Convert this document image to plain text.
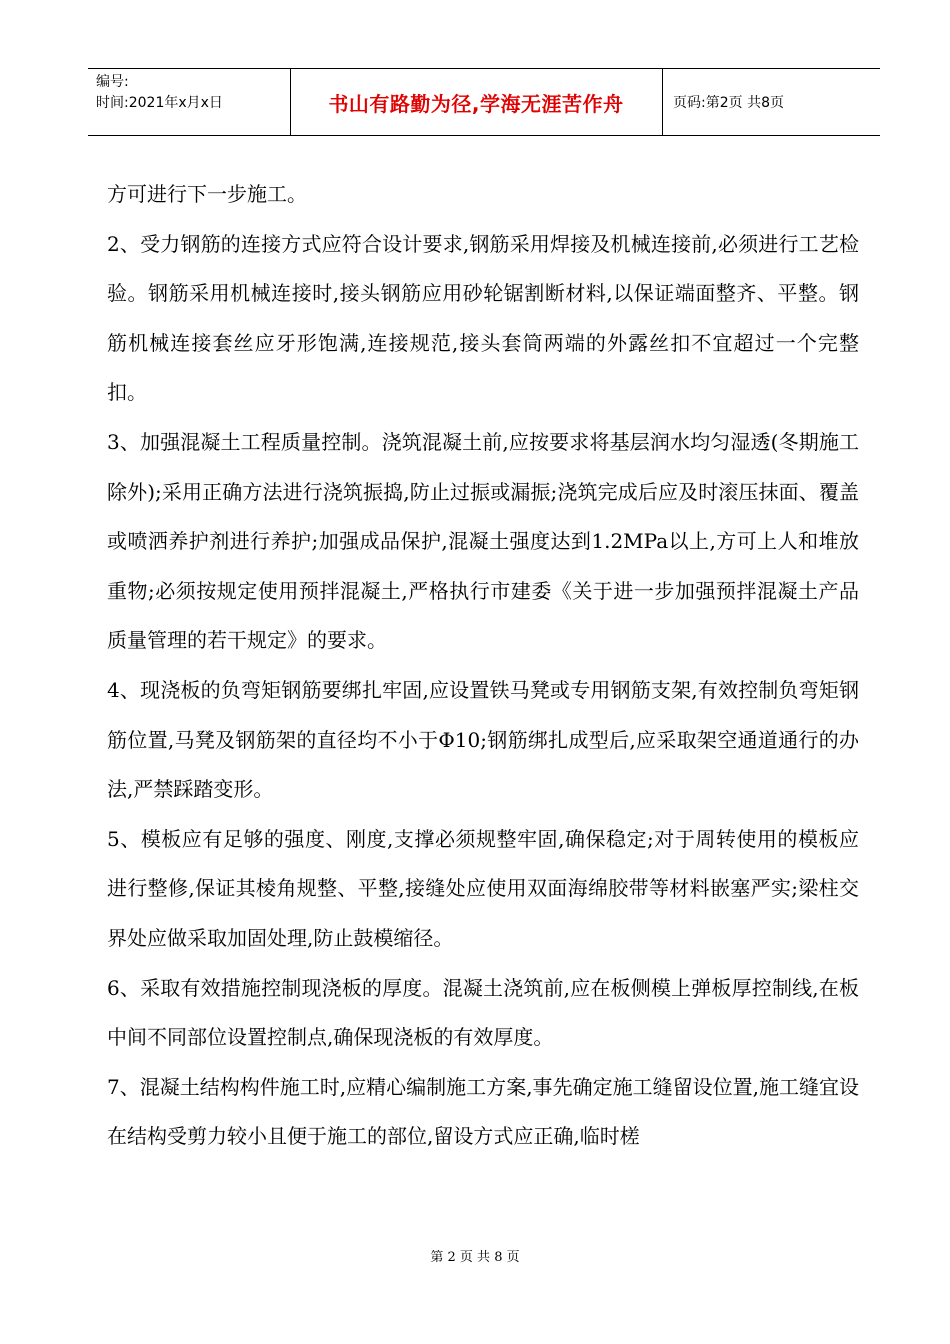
编号:
时间:2021年x月x日	书山有路勤为径,学海无涯苦作舟	页码:第2页 共8页

方可进行下一步施工。

2、受力钢筋的连接方式应符合设计要求,钢筋采用焊接及机械连接前,必须进行工艺检验。钢筋采用机械连接时,接头钢筋应用砂轮锯割断材料,以保证端面整齐、平整。钢筋机械连接套丝应牙形饱满,连接规范,接头套筒两端的外露丝扣不宜超过一个完整扣。

3、加强混凝土工程质量控制。浇筑混凝土前,应按要求将基层润水均匀湿透(冬期施工除外);采用正确方法进行浇筑振捣,防止过振或漏振;浇筑完成后应及时滚压抹面、覆盖或喷洒养护剂进行养护;加强成品保护,混凝土强度达到1.2MPa以上,方可上人和堆放重物;必须按规定使用预拌混凝土,严格执行市建委《关于进一步加强预拌混凝土产品质量管理的若干规定》的要求。

4、现浇板的负弯矩钢筋要绑扎牢固,应设置铁马凳或专用钢筋支架,有效控制负弯矩钢筋位置,马凳及钢筋架的直径均不小于Φ10;钢筋绑扎成型后,应采取架空通道通行的办法,严禁踩踏变形。

5、模板应有足够的强度、刚度,支撑必须规整牢固,确保稳定;对于周转使用的模板应进行整修,保证其棱角规整、平整,接缝处应使用双面海绵胶带等材料嵌塞严实;梁柱交界处应做采取加固处理,防止鼓模缩径。

6、采取有效措施控制现浇板的厚度。混凝土浇筑前,应在板侧模上弹板厚控制线,在板中间不同部位设置控制点,确保现浇板的有效厚度。

7、混凝土结构构件施工时,应精心编制施工方案,事先确定施工缝留设位置,施工缝宜设在结构受剪力较小且便于施工的部位,留设方式应正确,临时槎

第 2 页 共 8 页
